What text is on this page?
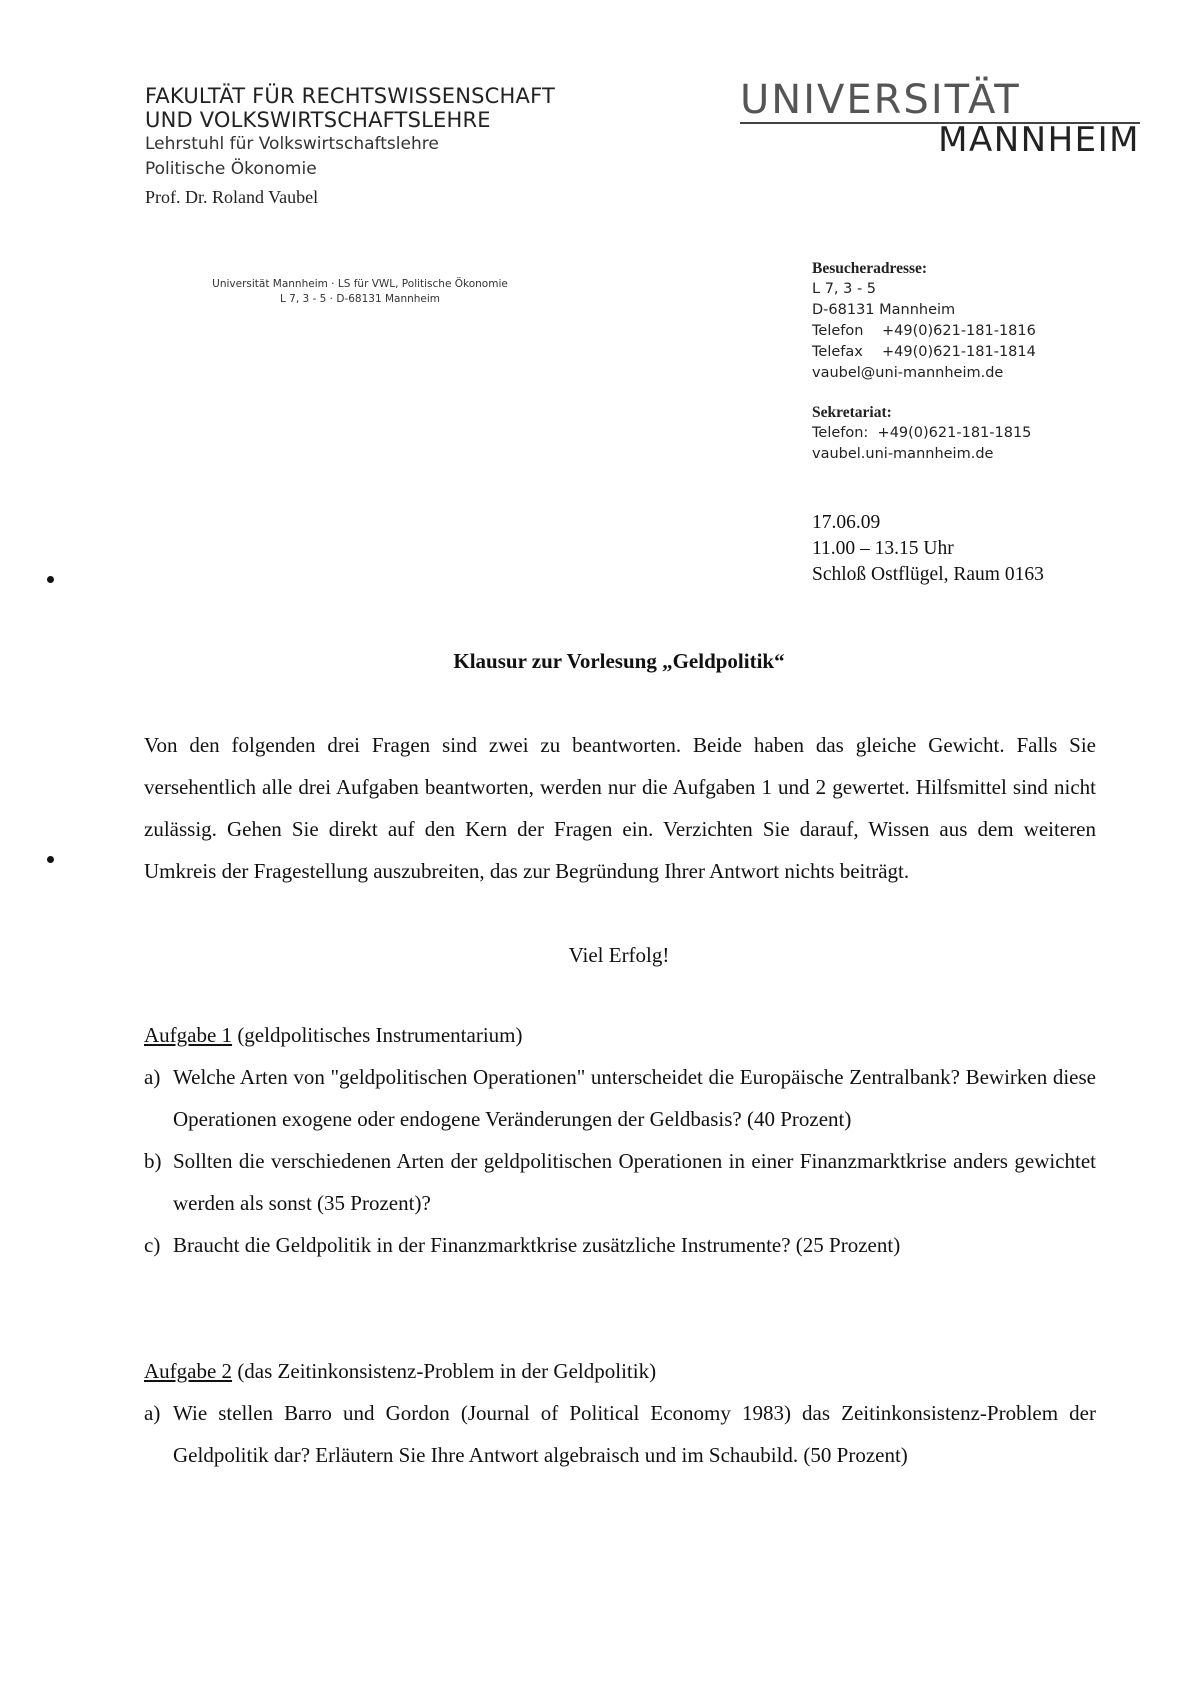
FAKULTÄT FÜR RECHTSWISSENSCHAFT
UND VOLKSWIRTSCHAFTSLEHRE
Lehrstuhl für Volkswirtschaftslehre
Politische Ökonomie
Prof. Dr. Roland Vaubel
UNIVERSITÄT
MANNHEIM
Universität Mannheim · LS für VWL, Politische Ökonomie
L 7, 3 - 5 · D-68131 Mannheim
Besucheradresse:
L 7, 3 - 5
D-68131 Mannheim
Telefon +49(0)621-181-1816
Telefax +49(0)621-181-1814
vaubel@uni-mannheim.de
Sekretariat:
Telefon: +49(0)621-181-1815
vaubel.uni-mannheim.de
17.06.09
11.00 – 13.15 Uhr
Schloß Ostflügel, Raum 0163
Klausur zur Vorlesung „Geldpolitik“
Von den folgenden drei Fragen sind zwei zu beantworten. Beide haben das gleiche Gewicht. Falls Sie versehentlich alle drei Aufgaben beantworten, werden nur die Aufgaben 1 und 2 gewertet. Hilfsmittel sind nicht zulässig. Gehen Sie direkt auf den Kern der Fragen ein. Verzichten Sie darauf, Wissen aus dem weiteren Umkreis der Fragestellung auszubreiten, das zur Begründung Ihrer Antwort nichts beiträgt.
Viel Erfolg!
Aufgabe 1 (geldpolitisches Instrumentarium)
a) Welche Arten von "geldpolitischen Operationen" unterscheidet die Europäische Zentralbank? Bewirken diese Operationen exogene oder endogene Veränderungen der Geldbasis? (40 Prozent)
b) Sollten die verschiedenen Arten der geldpolitischen Operationen in einer Finanzmarktkrise anders gewichtet werden als sonst (35 Prozent)?
c) Braucht die Geldpolitik in der Finanzmarktkrise zusätzliche Instrumente? (25 Prozent)
Aufgabe 2 (das Zeitinkonsistenz-Problem in der Geldpolitik)
a) Wie stellen Barro und Gordon (Journal of Political Economy 1983) das Zeitinkonsistenz-Problem der Geldpolitik dar? Erläutern Sie Ihre Antwort algebraisch und im Schaubild. (50 Prozent)
